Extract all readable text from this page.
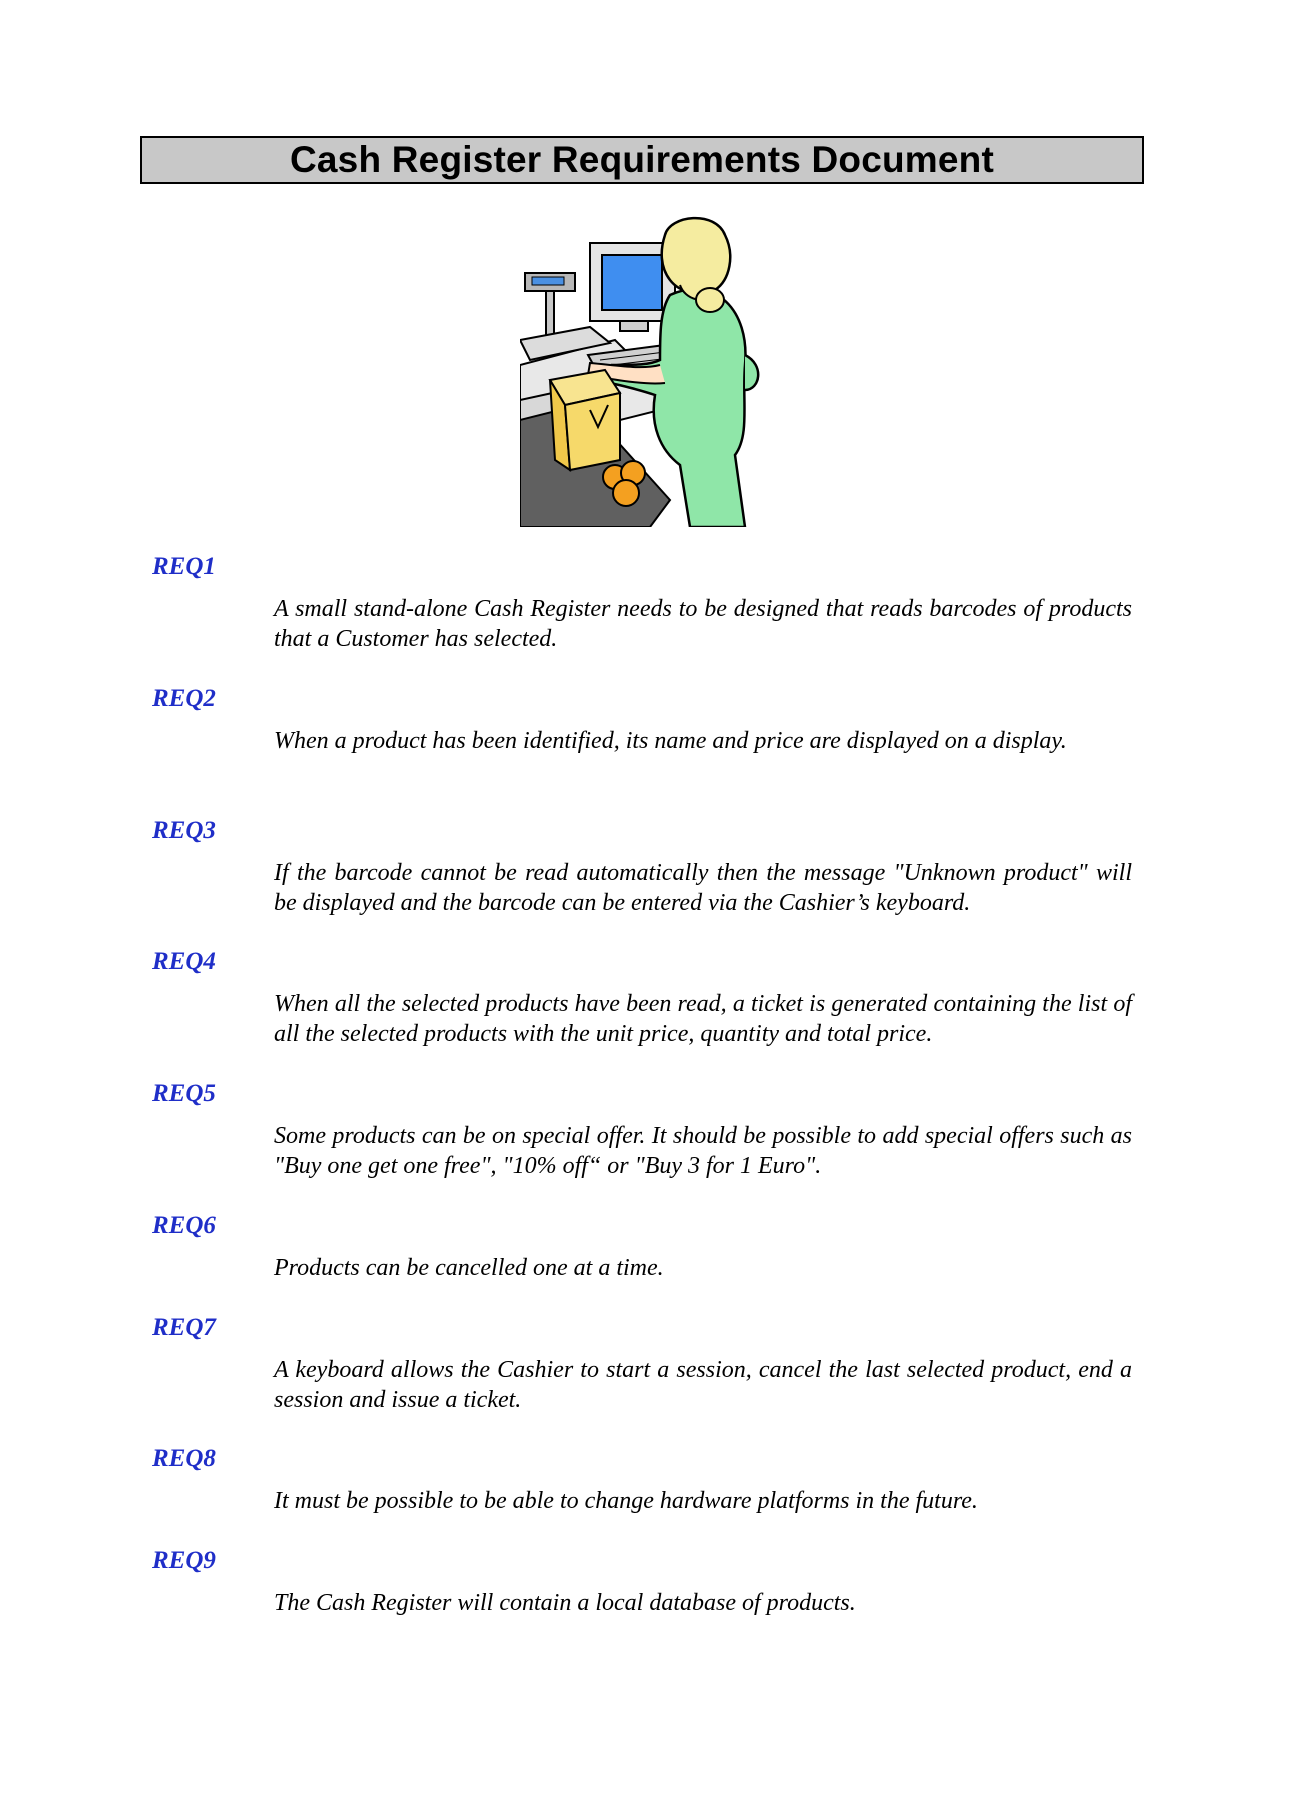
Cash Register Requirements Document

REQ1

A small stand-alone Cash Register needs to be designed that reads barcodes of products that a Customer has selected.

REQ2

When a product has been identified, its name and price are displayed on a display.

REQ3

If the barcode cannot be read automatically then the message "Unknown product" will be displayed and the barcode can be entered via the Cashier’s keyboard.

REQ4

When all the selected products have been read, a ticket is generated containing the list of all the selected products with the unit price, quantity and total price.

REQ5

Some products can be on special offer. It should be possible to add special offers such as "Buy one get one free", "10% off“ or "Buy 3 for 1 Euro".

REQ6

Products can be cancelled one at a time.

REQ7

A keyboard allows the Cashier to start a session, cancel the last selected product, end a session and issue a ticket.

REQ8

It must be possible to be able to change hardware platforms in the future.

REQ9

The Cash Register will contain a local database of products.
